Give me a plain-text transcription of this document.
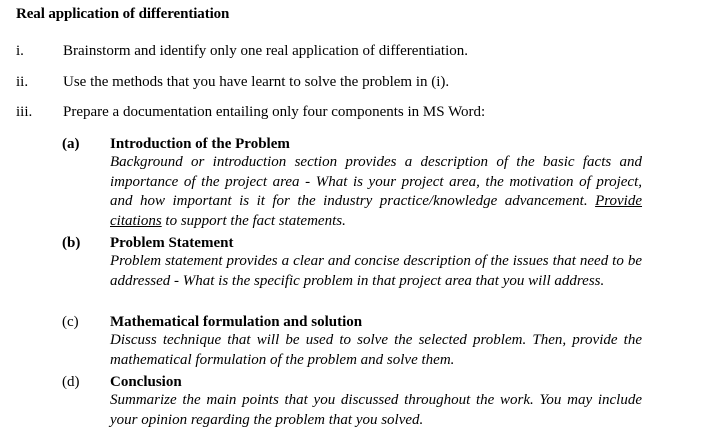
Real application of differentiation
i.	Brainstorm and identify only one real application of differentiation.
ii. Use the methods that you have learnt to solve the problem in (i).
iii. Prepare a documentation entailing only four components in MS Word:
(a) Introduction of the Problem
Background or introduction section provides a description of the basic facts and importance of the project area - What is your project area, the motivation of project, and how important is it for the industry practice/knowledge advancement. Provide citations to support the fact statements.
(b) Problem Statement
Problem statement provides a clear and concise description of the issues that need to be addressed - What is the specific problem in that project area that you will address.
(c) Mathematical formulation and solution
Discuss technique that will be used to solve the selected problem. Then, provide the mathematical formulation of the problem and solve them.
(d) Conclusion
Summarize the main points that you discussed throughout the work. You may include your opinion regarding the problem that you solved.
